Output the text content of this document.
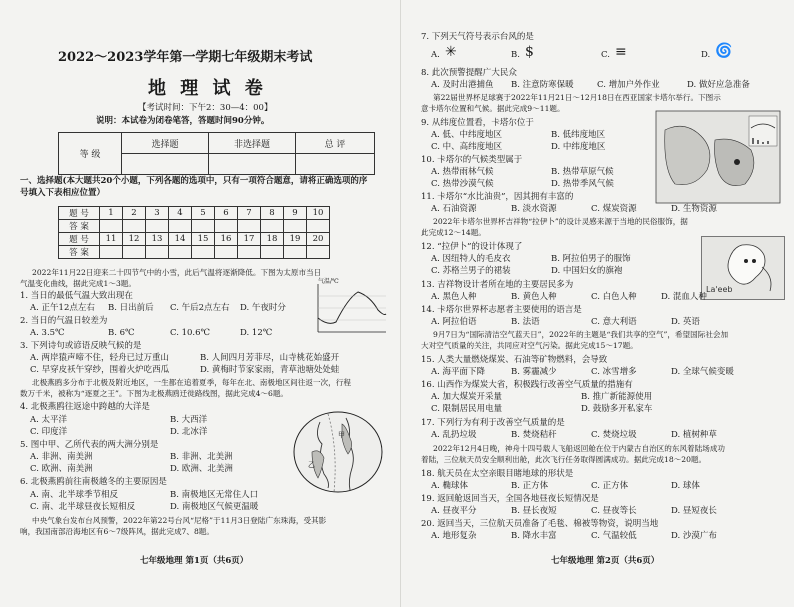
2022～2023学年第一学期七年级期末考试
地 理 试 卷
【考试时间：下午2：30—4：00】
说明：本试卷为闭卷笔答，答题时间90分钟。
等 级	选择题	非选择题	总 评

一、选择题(本大题共20个小题，下列各题的选项中，只有一项符合题意，请将正确选项的序
号填入下表相应位置）
题 号	1	2	3	4	5	6	7	8	9	10
答 案										
题 号	11	12	13	14	15	16	17	18	19	20
答 案										
2022年11月22日迎来二十四节气中的小雪，此后气温将逐渐降低。下图为太原市当日
气温变化曲线，据此完成1～3题。
1. 当日的最低气温大致出现在
A. 正午12点左右 B. 日出前后 C. 午后2点左右 D. 午夜时分
2. 当日的气温日较差为
A. 3.5℃	B. 6℃	C. 10.6℃	D. 12℃
气温/℃
3. 下列诗句或谚语反映气候的是
A. 两岸猿声啼不住，轻舟已过万重山	B. 人间四月芳菲尽，山寺桃花始盛开
C. 早穿皮袄午穿纱，围着火炉吃西瓜	D. 黄梅时节家家雨，青草池塘处处蛙
北极燕鸥多分布于北极及附近地区，一生都在追着夏季，每年在北、南极地区间往返一次，行程
数万千米，被称为“逐夏之王”。下图为北极燕鸥迁徙路线图，据此完成4～6题。
4. 北极燕鸥往返途中跨越的大洋是
A. 太平洋	B. 大西洋
C. 印度洋	D. 北冰洋
5. 图中甲、乙所代表的两大洲分别是
A. 非洲、南美洲	B. 非洲、北美洲
C. 欧洲、南美洲	D. 欧洲、北美洲
甲
乙
6. 北极燕鸥前往南极越冬的主要原因是
A. 南、北半球季节相反	B. 南极地区无常住人口
C. 南、北半球昼夜长短相反	D. 南极地区气候更温暖
中央气象台发布台风预警，2022年第22号台风“尼格”于11月3日登陆广东珠海，受其影
响，我国南部沿海地区有6～7级阵风，据此完成7、8题。
七年级地理 第1页（共6页）
7. 下列天气符号表示台风的是
A. ✳	B. $	C. ≡	D. 🌀
8. 此次预警提醒广大民众
A. 及时出港捕鱼 B. 注意防寒保暖	C. 增加户外作业	D. 做好应急准备
第22届世界杯足球赛于2022年11月21日～12月18日在西亚国家卡塔尔举行。下图示
意卡塔尔位置和气候。据此完成9～11题。
9. 从纬度位置看，卡塔尔位于
A. 低、中纬度地区	B. 低纬度地区
C. 中、高纬度地区	D. 中纬度地区
10. 卡塔尔的气候类型属于
A. 热带雨林气候	B. 热带草原气候
C. 热带沙漠气候	D. 热带季风气候
11. 卡塔尔“水比油贵”，因其拥有丰富的
A. 石油资源	B. 淡水资源	C. 煤炭资源	D. 生物资源
2022年卡塔尔世界杯吉祥物“拉伊卜”的设计灵感来源于当地的民俗服饰，据
此完成12～14题。
12. “拉伊卜”的设计体现了
A. 因纽特人的毛皮衣	B. 阿拉伯男子的服饰
C. 苏格兰男子的裙装	D. 中国妇女的旗袍
La'eeb
13. 吉祥物设计者所在地的主要居民多为
A. 黑色人种	B. 黄色人种	C. 白色人种	D. 混血人种
14. 卡塔尔世界杯志愿者主要使用的语言是
A. 阿拉伯语	B. 法语	C. 意大利语	D. 英语
9月7日为“国际清洁空气蓝天日”，2022年的主题是“我们共享的空气”，希望国际社会加
大对空气质量的关注，共同应对空气污染。据此完成15～17题。
15. 人类大量燃烧煤炭、石油等矿物燃料，会导致
A. 海平面下降	B. 雾霾减少	C. 冰雪增多	D. 全球气候变暖
16. 山西作为煤炭大省，积极践行改善空气质量的措施有
A. 加大煤炭开采量	B. 推广新能源使用
C. 限制居民用电量	D. 鼓励多开私家车
17. 下列行为有利于改善空气质量的是
A. 乱扔垃圾	B. 焚烧秸秆	C. 焚烧垃圾	D. 植树种草
2022年12月4日晚，神舟十四号载人飞船返回舱在位于内蒙古自治区的东风着陆场成功
着陆，三位航天员安全顺利出舱，此次飞行任务取得圆满成功。据此完成18～20题。
18. 航天员在太空亲眼目睹地球的形状是
A. 椭球体	B. 正方体	C. 正方体	D. 球体
19. 返回舱返回当天，全国各地昼夜长短情况是
A. 昼夜平分	B. 昼长夜短	C. 昼夜等长	D. 昼短夜长
20. 返回当天，三位航天员准备了毛毯、棉被等物资，说明当地
A. 地形复杂	B. 降水丰富	C. 气温较低	D. 沙漠广布
七年级地理 第2页（共6页）
